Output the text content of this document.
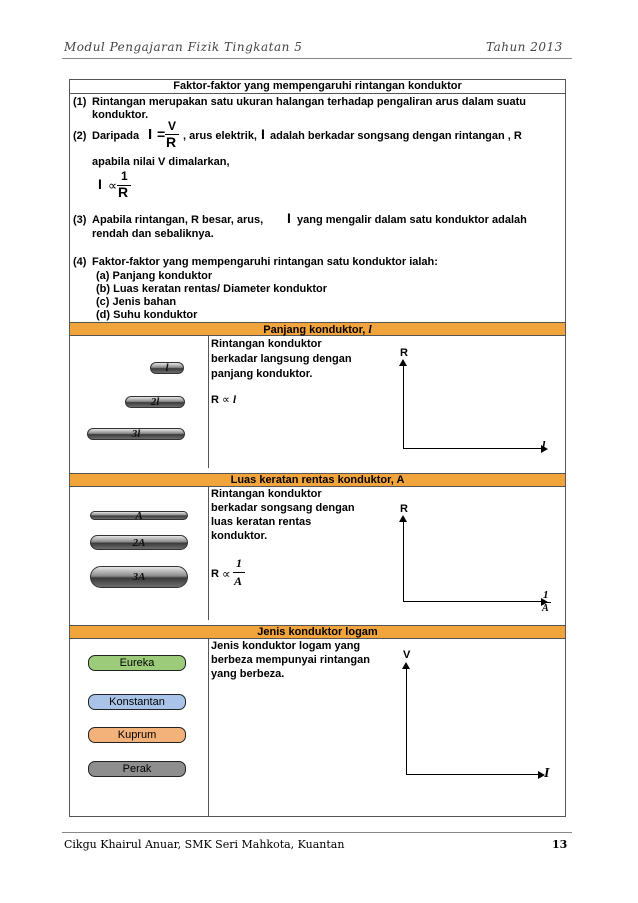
Modul Pengajaran Fizik Tingkatan 5	Tahun 2013
Faktor-faktor yang mempengaruhi rintangan konduktor
(1) Rintangan merupakan satu ukuran halangan terhadap pengaliran arus dalam suatu
konduktor.
(2) Daripada I = V
R , arus elektrik, I adalah berkadar songsang dengan rintangan , R
apabila nilai V dimalarkan,
I ∝
1
R
(3) Apabila rintangan, R besar, arus, I yang mengalir dalam satu konduktor adalah
rendah dan sebaliknya.
(4) Faktor-faktor yang mempengaruhi rintangan satu konduktor ialah:
(a) Panjang konduktor
(b) Luas keratan rentas/ Diameter konduktor
(c) Jenis bahan
(d) Suhu konduktor
Panjang konduktor, l
l
2l
3l
Rintangan konduktor
berkadar langsung dengan
panjang konduktor.
R ∝ l
R
l
Luas keratan rentas konduktor, A
A
2A
3A
Rintangan konduktor
berkadar songsang dengan
luas keratan rentas
konduktor.
R ∝
1
A
R
1
A
Jenis konduktor logam
Eureka
Konstantan
Kuprum
Perak
Jenis konduktor logam yang
berbeza mempunyai rintangan
yang berbeza.
V
I
Cikgu Khairul Anuar, SMK Seri Mahkota, Kuantan	13
